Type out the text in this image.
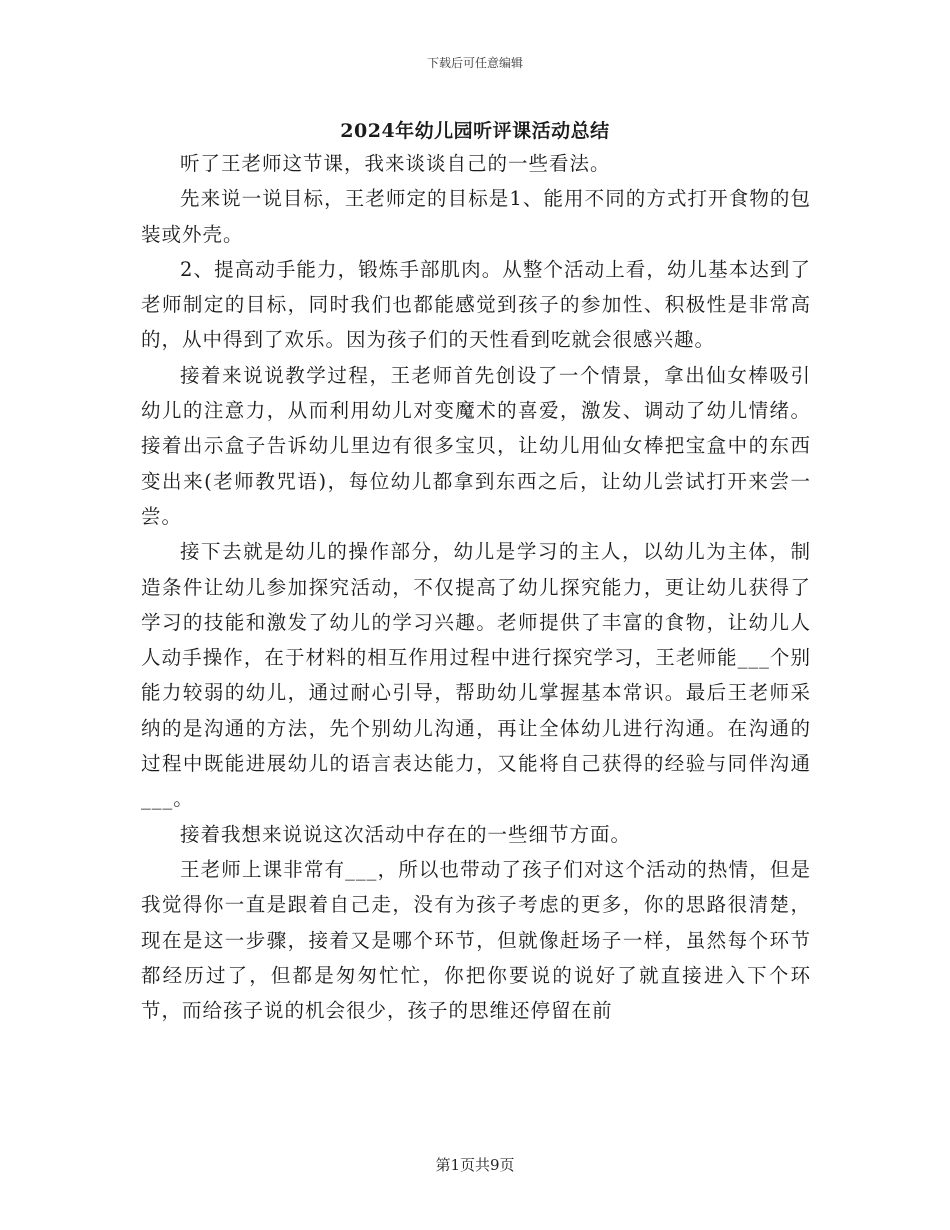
下载后可任意编辑
2024年幼儿园听评课活动总结

听了王老师这节课，我来谈谈自己的一些看法。

先来说一说目标，王老师定的目标是1、能用不同的方式打开食物的包装或外壳。

2、提高动手能力，锻炼手部肌肉。从整个活动上看，幼儿基本达到了老师制定的目标，同时我们也都能感觉到孩子的参加性、积极性是非常高的，从中得到了欢乐。因为孩子们的天性看到吃就会很感兴趣。

接着来说说教学过程，王老师首先创设了一个情景，拿出仙女棒吸引幼儿的注意力，从而利用幼儿对变魔术的喜爱，激发、调动了幼儿情绪。接着出示盒子告诉幼儿里边有很多宝贝，让幼儿用仙女棒把宝盒中的东西变出来(老师教咒语)，每位幼儿都拿到东西之后，让幼儿尝试打开来尝一尝。

接下去就是幼儿的操作部分，幼儿是学习的主人，以幼儿为主体，制造条件让幼儿参加探究活动，不仅提高了幼儿探究能力，更让幼儿获得了学习的技能和激发了幼儿的学习兴趣。老师提供了丰富的食物，让幼儿人人动手操作，在于材料的相互作用过程中进行探究学习，王老师能___个别能力较弱的幼儿，通过耐心引导，帮助幼儿掌握基本常识。最后王老师采纳的是沟通的方法，先个别幼儿沟通，再让全体幼儿进行沟通。在沟通的过程中既能进展幼儿的语言表达能力，又能将自己获得的经验与同伴沟通___。

接着我想来说说这次活动中存在的一些细节方面。

王老师上课非常有___，所以也带动了孩子们对这个活动的热情，但是我觉得你一直是跟着自己走，没有为孩子考虑的更多，你的思路很清楚，现在是这一步骤，接着又是哪个环节，但就像赶场子一样，虽然每个环节都经历过了，但都是匆匆忙忙，你把你要说的说好了就直接进入下个环节，而给孩子说的机会很少，孩子的思维还停留在前

第1页共9页
